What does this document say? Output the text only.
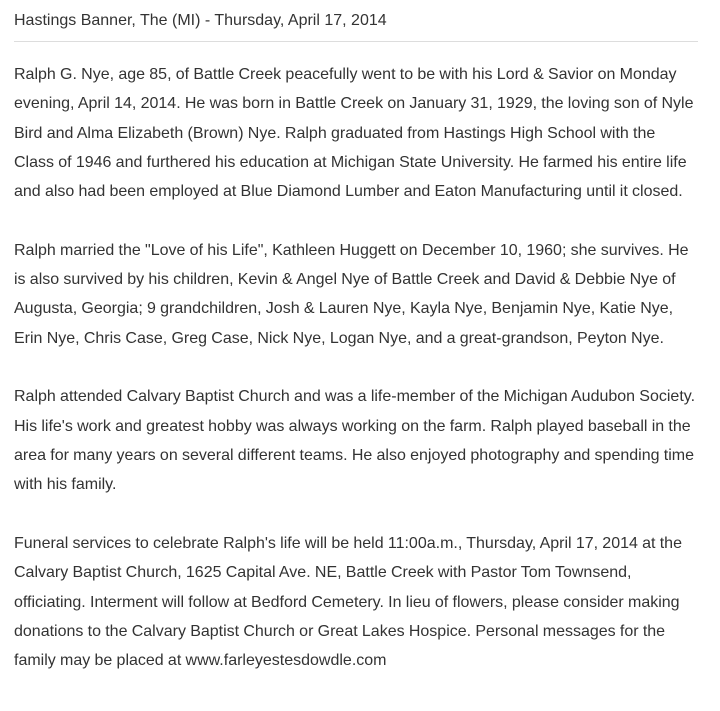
Hastings Banner, The (MI) - Thursday, April 17, 2014

Ralph G. Nye, age 85, of Battle Creek peacefully went to be with his Lord & Savior on Monday evening, April 14, 2014. He was born in Battle Creek on January 31, 1929, the loving son of Nyle Bird and Alma Elizabeth (Brown) Nye. Ralph graduated from Hastings High School with the Class of 1946 and furthered his education at Michigan State University. He farmed his entire life and also had been employed at Blue Diamond Lumber and Eaton Manufacturing until it closed.

Ralph married the "Love of his Life", Kathleen Huggett on December 10, 1960; she survives. He is also survived by his children, Kevin & Angel Nye of Battle Creek and David & Debbie Nye of Augusta, Georgia; 9 grandchildren, Josh & Lauren Nye, Kayla Nye, Benjamin Nye, Katie Nye, Erin Nye, Chris Case, Greg Case, Nick Nye, Logan Nye, and a great-grandson, Peyton Nye.

Ralph attended Calvary Baptist Church and was a life-member of the Michigan Audubon Society. His life's work and greatest hobby was always working on the farm. Ralph played baseball in the area for many years on several different teams. He also enjoyed photography and spending time with his family.

Funeral services to celebrate Ralph's life will be held 11:00a.m., Thursday, April 17, 2014 at the Calvary Baptist Church, 1625 Capital Ave. NE, Battle Creek with Pastor Tom Townsend, officiating. Interment will follow at Bedford Cemetery. In lieu of flowers, please consider making donations to the Calvary Baptist Church or Great Lakes Hospice. Personal messages for the family may be placed at www.farleyestesdowdle.com
